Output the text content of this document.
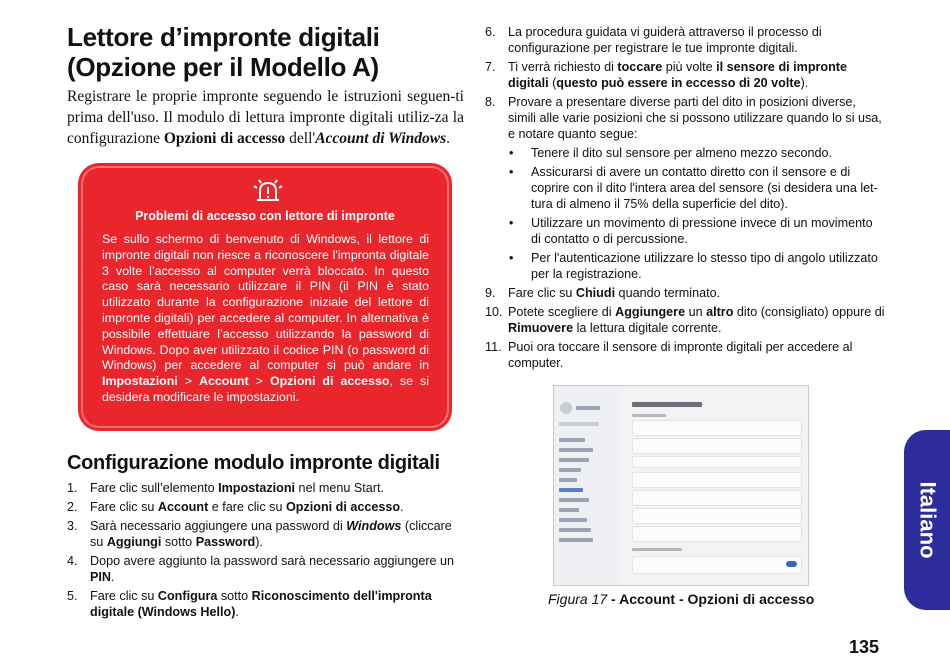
Lettore d’impronte digitali (Opzione per il Modello A)

Registrare le proprie impronte seguendo le istruzioni seguen-ti prima dell'uso. Il modulo di lettura impronte digitali utiliz-za la configurazione Opzioni di accesso dell'Account di Windows.

Problemi di accesso con lettore di impronte
Se sullo schermo di benvenuto di Windows, il lettore di impronte digitali non riesce a riconoscere l'impronta digitale 3 volte l’accesso al computer verrà bloccato. In questo caso sarà necessario utilizzare il PIN (il PIN è stato utilizzato durante la configurazione iniziale del lettore di impronte digitali) per accedere al computer. In alternativa è possibile effettuare l’accesso utilizzando la password di Windows. Dopo aver utilizzato il codice PIN (o password di Windows) per accedere al computer si può andare in Impostazioni > Account > Opzioni di accesso, se si desidera modificare le impostazioni.
Configurazione modulo impronte digitali
1. Fare clic sull’elemento Impostazioni nel menu Start.
2. Fare clic su Account e fare clic su Opzioni di accesso.
3. Sarà necessario aggiungere una password di Windows (cliccare su Aggiungi sotto Password).
4. Dopo avere aggiunto la password sarà necessario aggiungere un PIN.
5. Fare clic su Configura sotto Riconoscimento dell'impronta digitale (Windows Hello).
6. La procedura guidata vi guiderà attraverso il processo di configurazione per registrare le tue impronte digitali.
7. Ti verrà richiesto di toccare più volte il sensore di impronte digitali (questo può essere in eccesso di 20 volte).
8. Provare a presentare diverse parti del dito in posizioni diverse, simili alle varie posizioni che si possono utilizzare quando lo si usa, e notare quanto segue:
• Tenere il dito sul sensore per almeno mezzo secondo.
• Assicurarsi di avere un contatto diretto con il sensore e di coprire con il dito l'intera area del sensore (si desidera una let-tura di almeno il 75% della superficie del dito).
• Utilizzare un movimento di pressione invece di un movimento di contatto o di percussione.
• Per l'autenticazione utilizzare lo stesso tipo di angolo utilizzato per la registrazione.
9. Fare clic su Chiudi quando terminato.
10. Potete scegliere di Aggiungere un altro dito (consigliato) oppure di Rimuovere la lettura digitale corrente.
11. Puoi ora toccare il sensore di impronte digitali per accedere al computer.
Figura 17 - Account - Opzioni di accesso
Italiano
135
